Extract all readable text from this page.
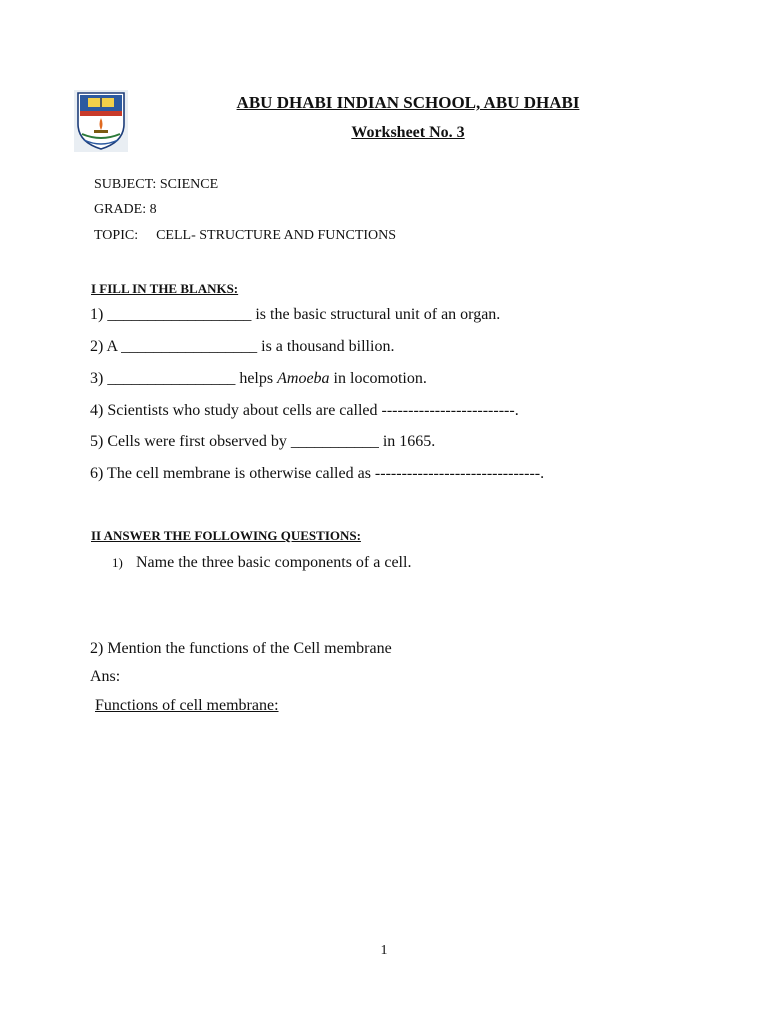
ABU DHABI INDIAN SCHOOL, ABU DHABI
Worksheet No. 3
SUBJECT: SCIENCE
GRADE: 8
TOPIC: CELL- STRUCTURE AND FUNCTIONS
I FILL IN THE BLANKS:
1) __________________ is the basic structural unit of an organ.
2) A _________________ is a thousand billion.
3) ________________ helps Amoeba in locomotion.
4) Scientists who study about cells are called -------------------------.
5) Cells were first observed by ___________ in 1665.
6) The cell membrane is otherwise called as -------------------------------.
II ANSWER THE FOLLOWING QUESTIONS:
1) Name the three basic components of a cell.
2) Mention the functions of the Cell membrane
Ans:
Functions of cell membrane:
1
